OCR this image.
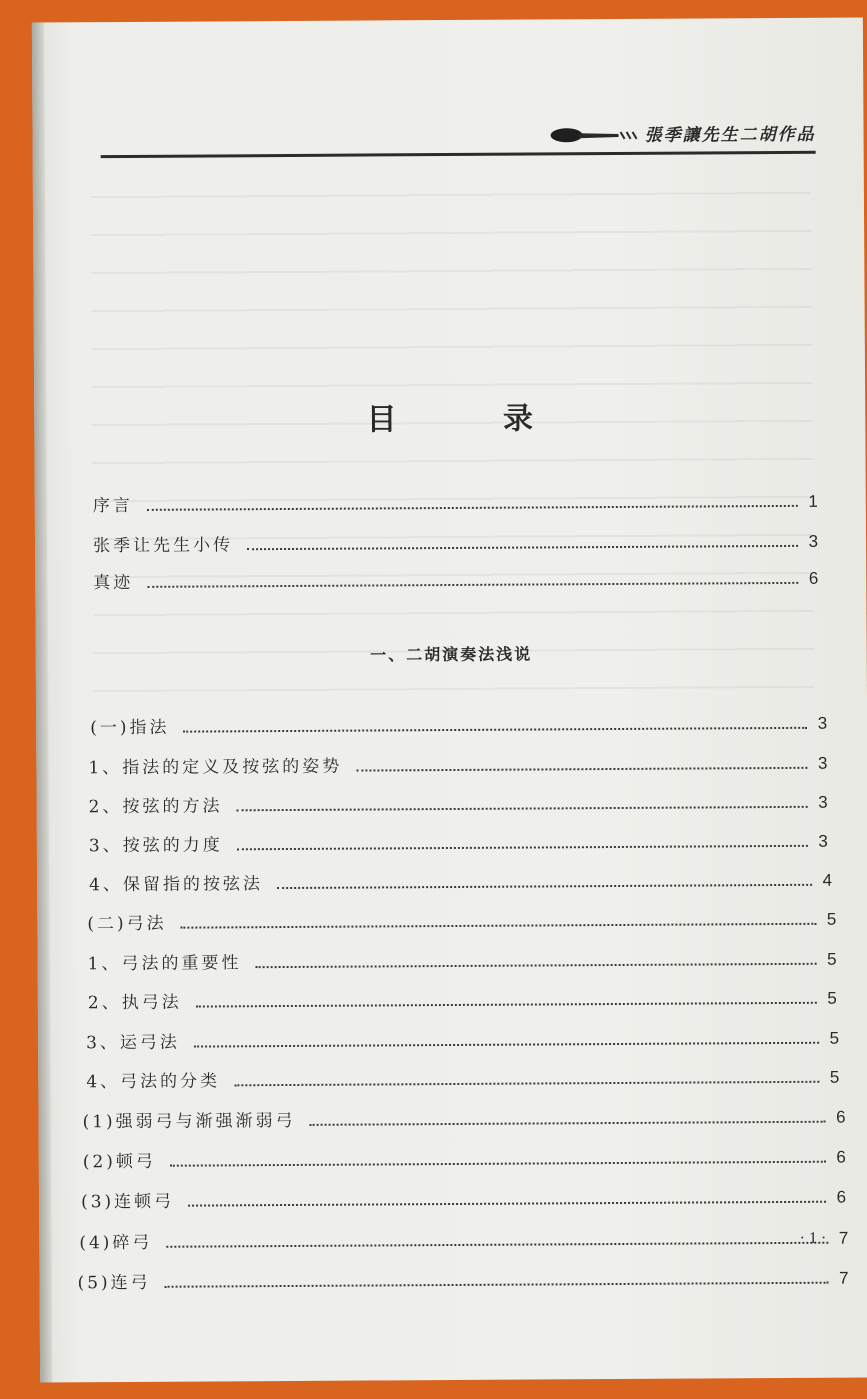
張季讓先生二胡作品
目 录
序言	1
张季让先生小传	3
真迹	6
一、二胡演奏法浅说
(一)指法	3
1、指法的定义及按弦的姿势	3
2、按弦的方法	3
3、按弦的力度	3
4、保留指的按弦法	4
(二)弓法	5
1、弓法的重要性	5
2、执弓法	5
3、运弓法	5
4、弓法的分类	5
(1)强弱弓与渐强渐弱弓	6
(2)顿弓	6
(3)连顿弓	6
(4)碎弓	7
(5)连弓	7
· 1 ·
